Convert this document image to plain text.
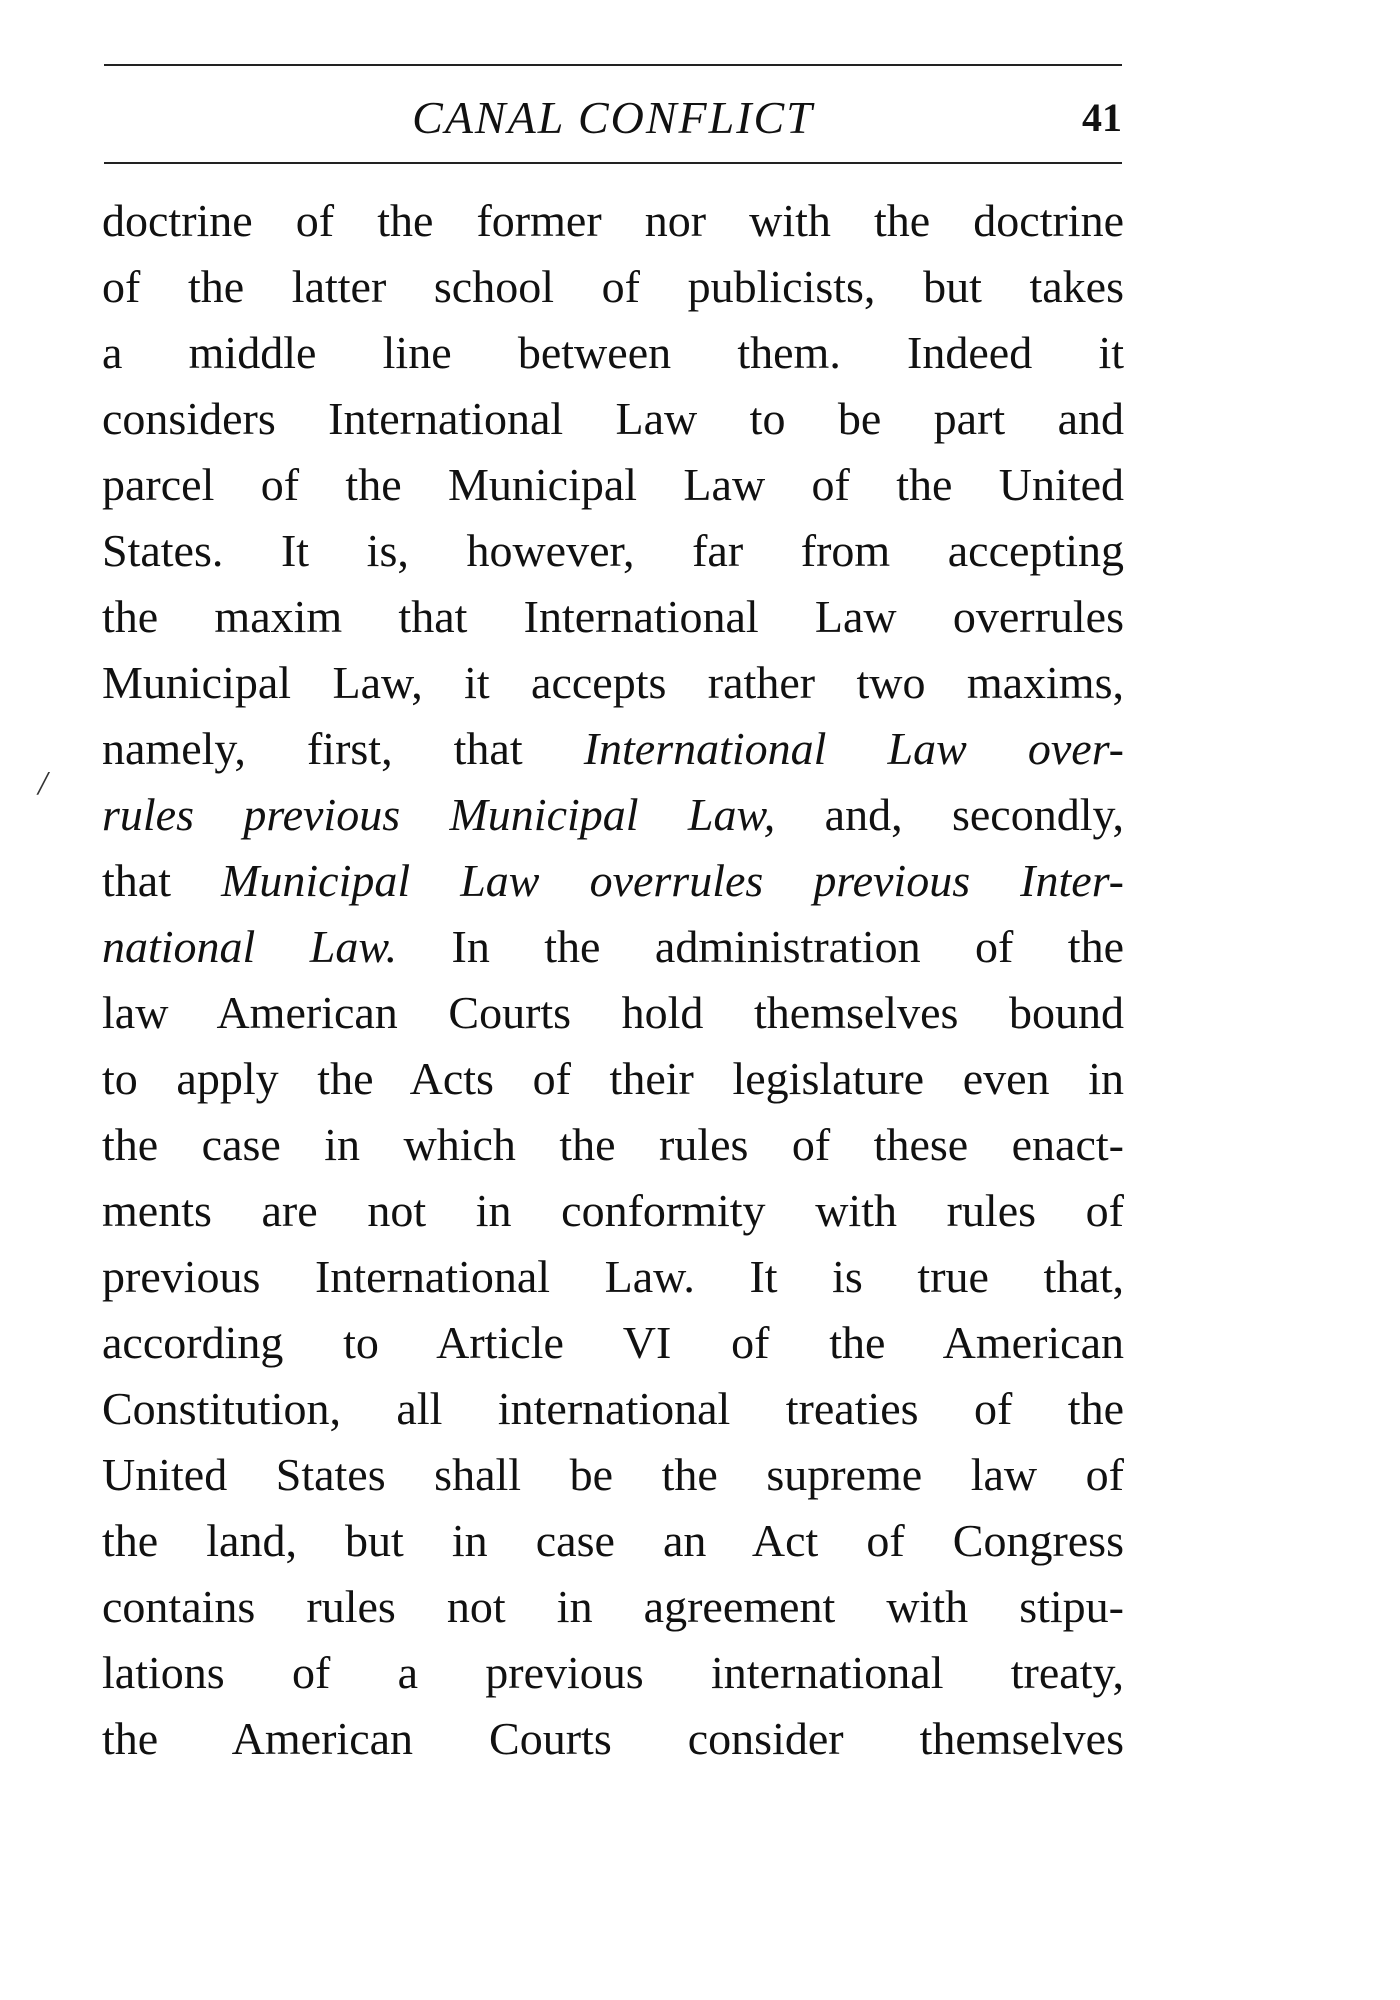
CANAL CONFLICT	41
/
doctrine of the former nor with the doctrine
of the latter school of publicists, but takes
a middle line between them. Indeed it
considers International Law to be part and
parcel of the Municipal Law of the United
States. It is, however, far from accepting
the maxim that International Law overrules
Municipal Law, it accepts rather two maxims,
namely, first, that International Law over-
rules previous Municipal Law, and, secondly,
that Municipal Law overrules previous Inter-
national Law. In the administration of the
law American Courts hold themselves bound
to apply the Acts of their legislature even in
the case in which the rules of these enact-
ments are not in conformity with rules of
previous International Law. It is true that,
according to Article VI of the American
Constitution, all international treaties of the
United States shall be the supreme law of
the land, but in case an Act of Congress
contains rules not in agreement with stipu-
lations of a previous international treaty,
the American Courts consider themselves
